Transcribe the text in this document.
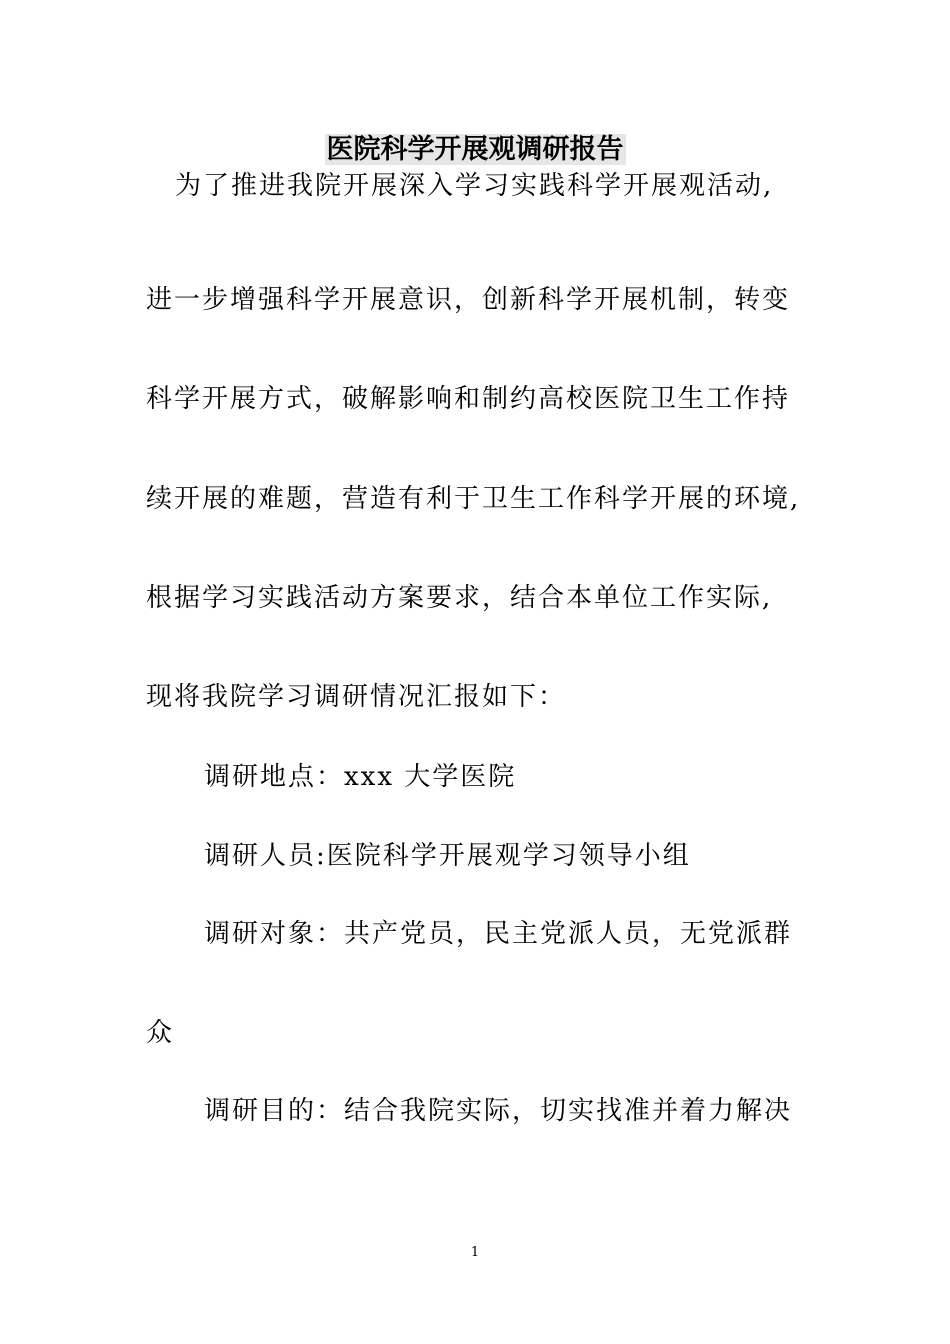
医院科学开展观调研报告

为了推进我院开展深入学习实践科学开展观活动,

进一步增强科学开展意识，创新科学开展机制，转变

科学开展方式，破解影响和制约高校医院卫生工作持

续开展的难题，营造有利于卫生工作科学开展的环境,

根据学习实践活动方案要求，结合本单位工作实际,

现将我院学习调研情况汇报如下：

调研地点：xxx 大学医院

调研人员:医院科学开展观学习领导小组

调研对象：共产党员，民主党派人员，无党派群

众

调研目的：结合我院实际，切实找准并着力解决

1
